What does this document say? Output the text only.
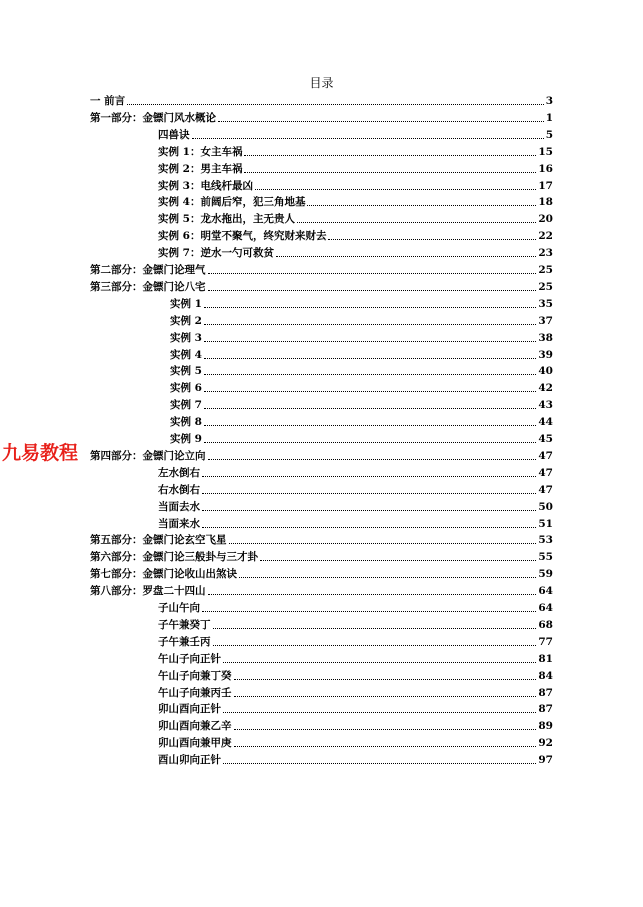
目录
一 前言	3
第一部分：金镖门风水概论	1
四兽诀	5
实例 1：女主车祸	15
实例 2：男主车祸	16
实例 3：电线杆最凶	17
实例 4：前阔后窄，犯三角地基	18
实例 5：龙水拖出，主无贵人	20
实例 6：明堂不聚气，终究财来财去	22
实例 7：逆水一勺可救贫	23
第二部分：金镖门论理气	25
第三部分：金镖门论八宅	25
实例 1	35
实例 2	37
实例 3	38
实例 4	39
实例 5	40
实例 6	42
实例 7	43
实例 8	44
实例 9	45
第四部分：金镖门论立向	47
左水倒右	47
右水倒右	47
当面去水	50
当面来水	51
第五部分：金镖门论玄空飞星	53
第六部分：金镖门论三般卦与三才卦	55
第七部分：金镖门论收山出煞诀	59
第八部分：罗盘二十四山	64
子山午向	64
子午兼癸丁	68
子午兼壬丙	77
午山子向正针	81
午山子向兼丁癸	84
午山子向兼丙壬	87
卯山酉向正针	87
卯山酉向兼乙辛	89
卯山酉向兼甲庚	92
酉山卯向正针	97
九易教程
